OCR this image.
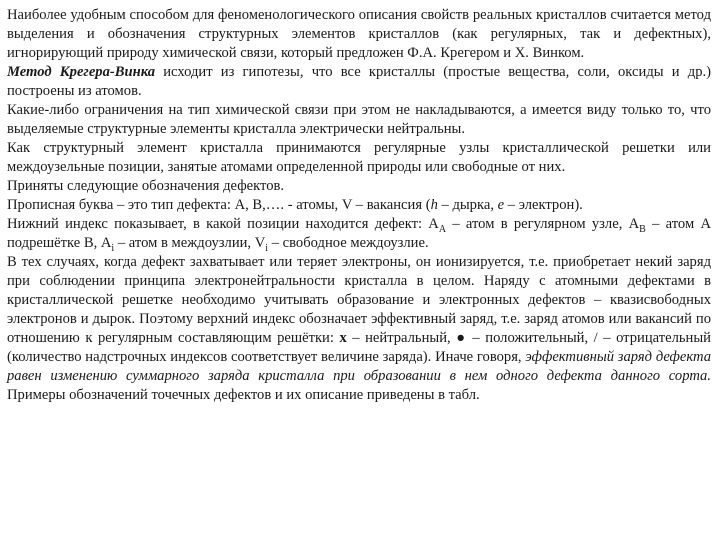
Наиболее удобным способом для феноменологического описания свойств реальных кристаллов считается метод выделения и обозначения структурных элементов кристаллов (как регулярных, так и дефектных), игнорирующий природу химической связи, который предложен Ф.А. Крегером и Х. Винком.

Метод Крегера-Винка исходит из гипотезы, что все кристаллы (простые вещества, соли, оксиды и др.) построены из атомов.

Какие-либо ограничения на тип химической связи при этом не накладываются, а имеется виду только то, что выделяемые структурные элементы кристалла электрически нейтральны.

Как структурный элемент кристалла принимаются регулярные узлы кристаллической решетки или междоузельные позиции, занятые атомами определенной природы или свободные от них.

Приняты следующие обозначения дефектов.

Прописная буква – это тип дефекта: А, В,…. - атомы, V – вакансия (h – дырка, е – электрон).

Нижний индекс показывает, в какой позиции находится дефект: $А_А$ – атом в регулярном узле, $А_В$ – атом А подрешётке В, $А_i$ – атом в междоузлии, $V_i$ – свободное междоузлие.

В тех случаях, когда дефект захватывает или теряет электроны, он ионизируется, т.е. приобретает некий заряд при соблюдении принципа электронейтральности кристалла в целом. Наряду с атомными дефектами в кристаллической решетке необходимо учитывать образование и электронных дефектов – квазисвободных электронов и дырок. Поэтому верхний индекс обозначает эффективный заряд, т.е. заряд атомов или вакансий по отношению к регулярным составляющим решётки: х – нейтральный, ● – положительный, / – отрицательный (количество надстрочных индексов соответствует величине заряда). Иначе говоря, эффективный заряд дефекта равен изменению суммарного заряда кристалла при образовании в нем одного дефекта данного сорта. Примеры обозначений точечных дефектов и их описание приведены в табл.
